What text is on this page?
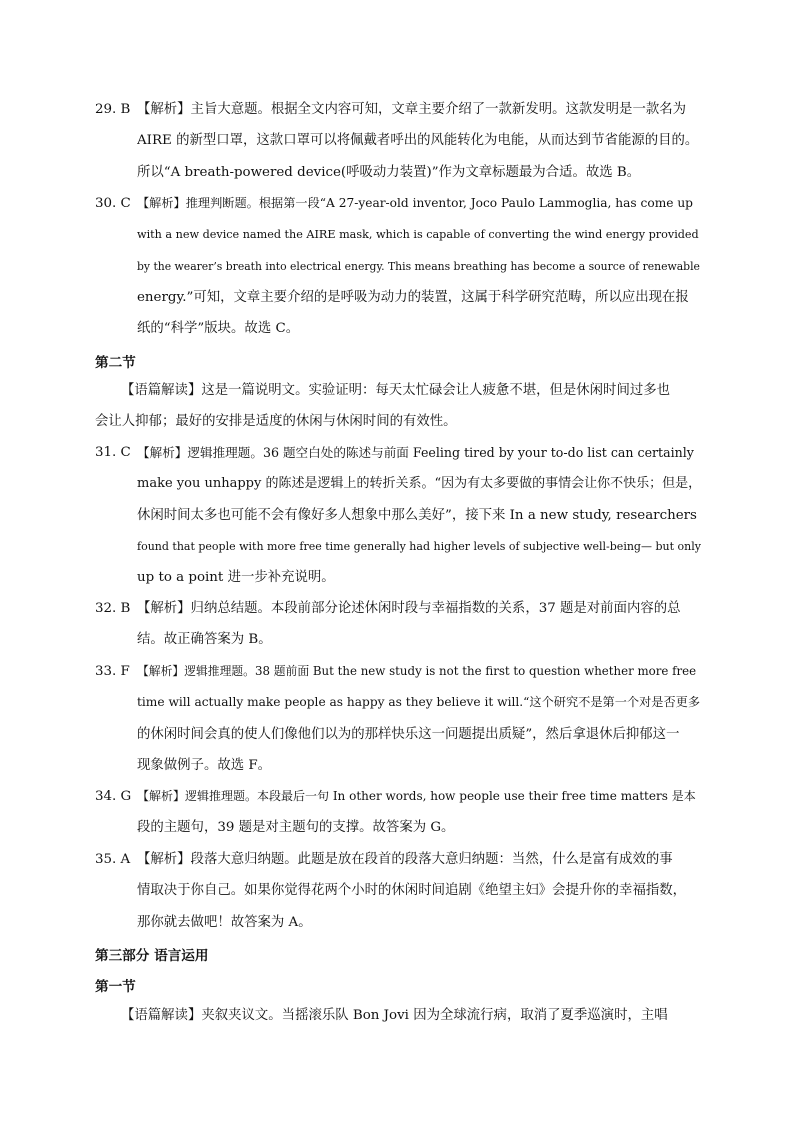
29. B 【解析】主旨大意题。根据全文内容可知，文章主要介绍了一款新发明。这款发明是一款名为
AIRE 的新型口罩，这款口罩可以将佩戴者呼出的风能转化为电能，从而达到节省能源的目的。
所以“A breath-powered device(呼吸动力装置)”作为文章标题最为合适。故选 B。
30. C 【解析】推理判断题。根据第一段“A 27-year-old inventor, Joco Paulo Lammoglia, has come up
with a new device named the AIRE mask, which is capable of converting the wind energy provided
by the wearer’s breath into electrical energy. This means breathing has become a source of renewable
energy.”可知，文章主要介绍的是呼吸为动力的装置，这属于科学研究范畴，所以应出现在报
纸的“科学”版块。故选 C。
第二节
【语篇解读】这是一篇说明文。实验证明：每天太忙碌会让人疲惫不堪，但是休闲时间过多也
会让人抑郁；最好的安排是适度的休闲与休闲时间的有效性。
31. C 【解析】逻辑推理题。36 题空白处的陈述与前面 Feeling tired by your to-do list can certainly
make you unhappy 的陈述是逻辑上的转折关系。“因为有太多要做的事情会让你不快乐；但是，
休闲时间太多也可能不会有像好多人想象中那么美好”，接下来 In a new study, researchers
found that people with more free time generally had higher levels of subjective well-being— but only
up to a point 进一步补充说明。
32. B 【解析】归纳总结题。本段前部分论述休闲时段与幸福指数的关系，37 题是对前面内容的总
结。故正确答案为 B。
33. F 【解析】逻辑推理题。38 题前面 But the new study is not the first to question whether more free
time will actually make people as happy as they believe it will.“这个研究不是第一个对是否更多
的休闲时间会真的使人们像他们以为的那样快乐这一问题提出质疑”，然后拿退休后抑郁这一
现象做例子。故选 F。
34. G 【解析】逻辑推理题。本段最后一句 In other words, how people use their free time matters 是本
段的主题句，39 题是对主题句的支撑。故答案为 G。
35. A 【解析】段落大意归纳题。此题是放在段首的段落大意归纳题：当然，什么是富有成效的事
情取决于你自己。如果你觉得花两个小时的休闲时间追剧《绝望主妇》会提升你的幸福指数，
那你就去做吧！故答案为 A。
第三部分 语言运用
第一节
【语篇解读】夹叙夹议文。当摇滚乐队 Bon Jovi 因为全球流行病，取消了夏季巡演时，主唱
